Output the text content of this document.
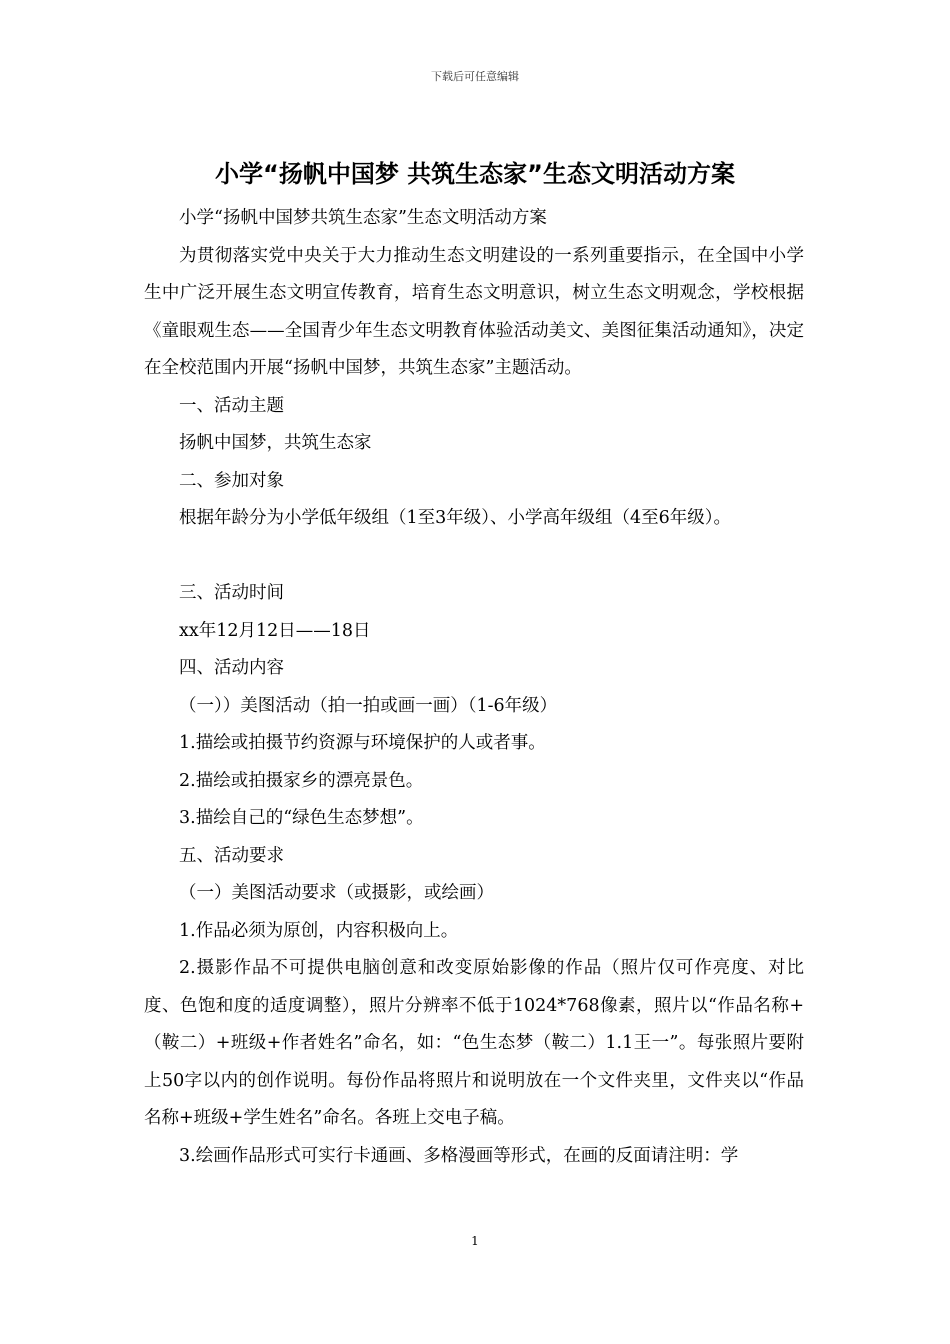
下载后可任意编辑
小学“扬帆中国梦 共筑生态家”生态文明活动方案

小学“扬帆中国梦共筑生态家”生态文明活动方案

为贯彻落实党中央关于大力推动生态文明建设的一系列重要指示，在全国中小学生中广泛开展生态文明宣传教育，培育生态文明意识，树立生态文明观念，学校根据《童眼观生态——全国青少年生态文明教育体验活动美文、美图征集活动通知》，决定在全校范围内开展“扬帆中国梦，共筑生态家”主题活动。

一、活动主题

扬帆中国梦，共筑生态家

二、参加对象

根据年龄分为小学低年级组（1至3年级）、小学高年级组（4至6年级）。

三、活动时间

xx年12月12日——18日

四、活动内容

（一））美图活动（拍一拍或画一画）（1-6年级）

1.描绘或拍摄节约资源与环境保护的人或者事。

2.描绘或拍摄家乡的漂亮景色。

3.描绘自己的“绿色生态梦想”。

五、活动要求

（一）美图活动要求（或摄影，或绘画）

1.作品必须为原创，内容积极向上。

2.摄影作品不可提供电脑创意和改变原始影像的作品（照片仅可作亮度、对比度、色饱和度的适度调整），照片分辨率不低于1024*768像素，照片以“作品名称+（鞍二）+班级+作者姓名”命名，如：“色生态梦（鞍二）1.1王一”。每张照片要附上50字以内的创作说明。每份作品将照片和说明放在一个文件夹里，文件夹以“作品名称+班级+学生姓名”命名。各班上交电子稿。

3.绘画作品形式可实行卡通画、多格漫画等形式，在画的反面请注明：学

1
